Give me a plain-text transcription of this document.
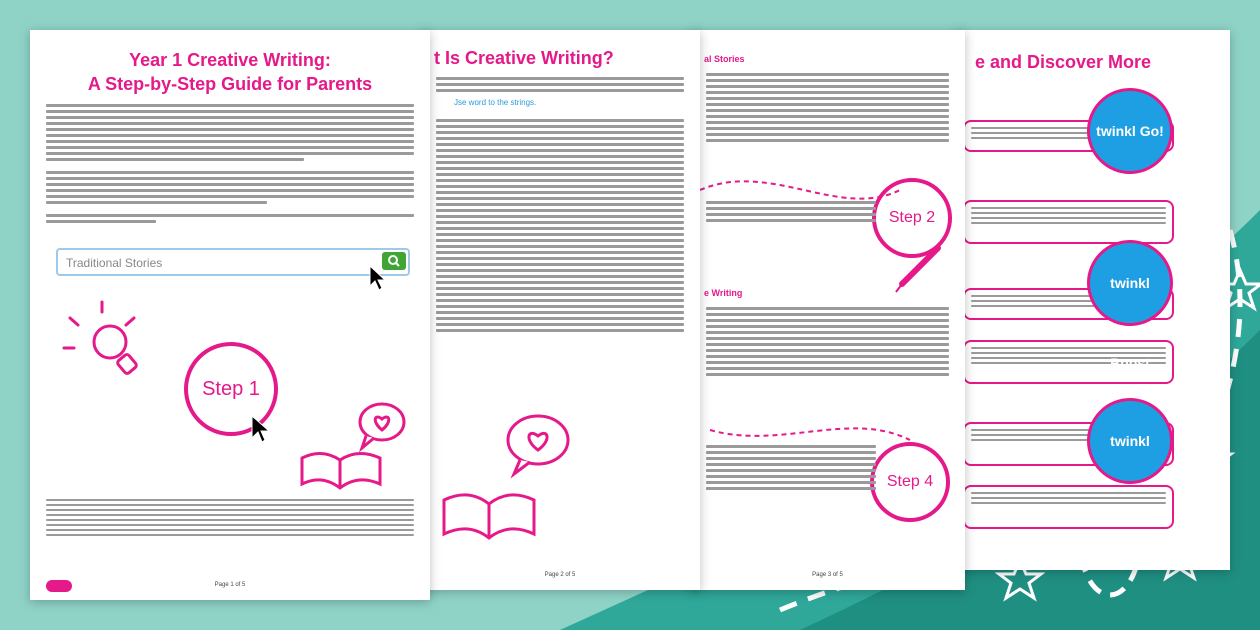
e and Discover More
twinkl Go!
twinkl Boost
twinkl
al Stories
Step 2
e Writing
Step 4
Page 3 of 5
t Is Creative Writing?
Jse word to the strings.
Page 2 of 5
Year 1 Creative Writing:
A Step-by-Step Guide for Parents
Traditional Stories
Step 1
Page 1 of 5
